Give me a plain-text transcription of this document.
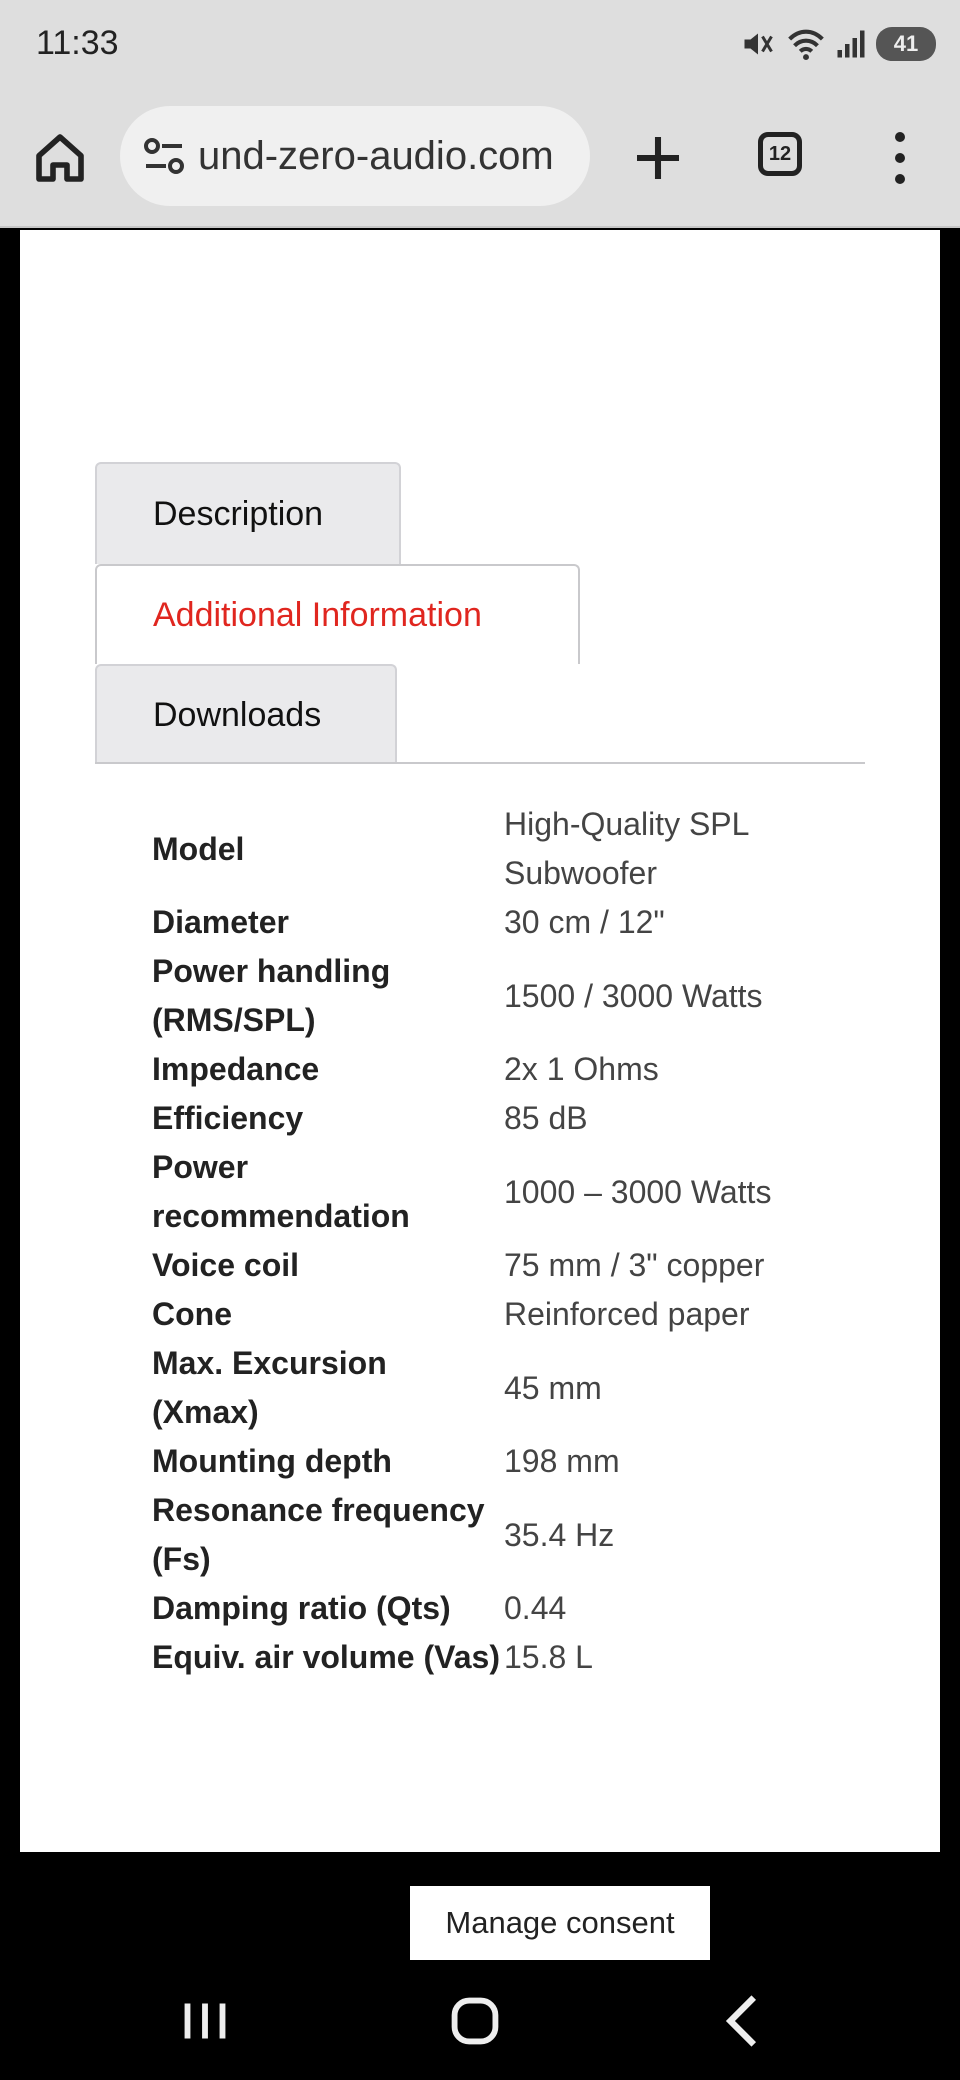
11:33	41
und-zero-audio.com	12
Description
Additional Information
Downloads
Model	High-Quality SPL Subwoofer
Diameter	30 cm / 12"
Power handling (RMS/SPL)	1500 / 3000 Watts
Impedance	2x 1 Ohms
Efficiency	85 dB
Power recommendation	1000 – 3000 Watts
Voice coil	75 mm / 3" copper
Cone	Reinforced paper
Max. Excursion (Xmax)	45 mm
Mounting depth	198 mm
Resonance frequency (Fs)	35.4 Hz
Damping ratio (Qts)	0.44
Equiv. air volume (Vas)	15.8 L
Manage consent
